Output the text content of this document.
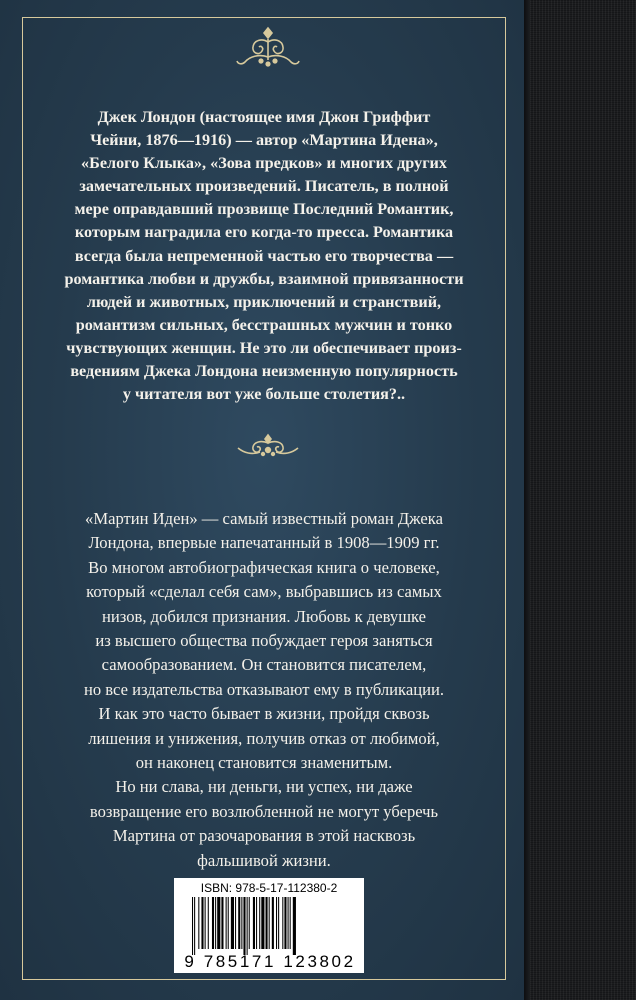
Джек Лондон (настоящее имя Джон Гриффит
Чейни, 1876—1916) — автор «Мартина Идена»,
«Белого Клыка», «Зова предков» и многих других
замечательных произведений. Писатель, в полной
мере оправдавший прозвище Последний Романтик,
которым наградила его когда-то пресса. Романтика
всегда была непременной частью его творчества —
романтика любви и дружбы, взаимной привязанности
людей и животных, приключений и странствий,
романтизм сильных, бесстрашных мужчин и тонко
чувствующих женщин. Не это ли обеспечивает произ-
ведениям Джека Лондона неизменную популярность
у читателя вот уже больше столетия?..

«Мартин Иден» — самый известный роман Джека
Лондона, впервые напечатанный в 1908—1909 гг.
Во многом автобиографическая книга о человеке,
который «сделал себя сам», выбравшись из самых
низов, добился признания. Любовь к девушке
из высшего общества побуждает героя заняться
самообразованием. Он становится писателем,
но все издательства отказывают ему в публикации.
И как это часто бывает в жизни, пройдя сквозь
лишения и унижения, получив отказ от любимой,
он наконец становится знаменитым.

Но ни слава, ни деньги, ни успех, ни даже
возвращение его возлюбленной не могут уберечь
Мартина от разочарования в этой насквозь
фальшивой жизни.

ISBN: 978-5-17-112380-2
9 785171 123802
